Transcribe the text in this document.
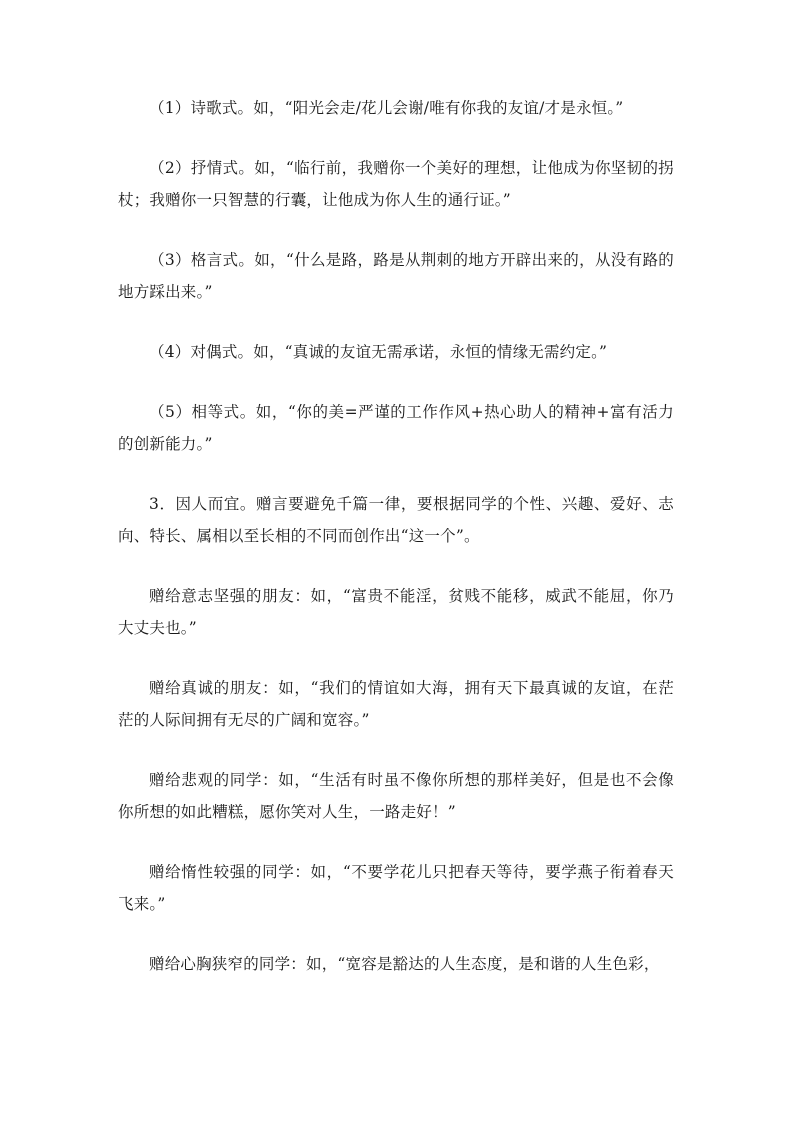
（1）诗歌式。如，“阳光会走/花儿会谢/唯有你我的友谊/才是永恒。”

（2）抒情式。如，“临行前，我赠你一个美好的理想，让他成为你坚韧的拐杖；我赠你一只智慧的行囊，让他成为你人生的通行证。”

（3）格言式。如，“什么是路，路是从荆刺的地方开辟出来的，从没有路的地方踩出来。”

（4）对偶式。如，“真诚的友谊无需承诺，永恒的情缘无需约定。”

（5）相等式。如，“你的美=严谨的工作作风+热心助人的精神+富有活力的创新能力。”

3．因人而宜。赠言要避免千篇一律，要根据同学的个性、兴趣、爱好、志向、特长、属相以至长相的不同而创作出“这一个”。

赠给意志坚强的朋友：如，“富贵不能淫，贫贱不能移，威武不能屈，你乃大丈夫也。”

赠给真诚的朋友：如，“我们的情谊如大海，拥有天下最真诚的友谊，在茫茫的人际间拥有无尽的广阔和宽容。”

赠给悲观的同学：如，“生活有时虽不像你所想的那样美好，但是也不会像你所想的如此糟糕，愿你笑对人生，一路走好！”

赠给惰性较强的同学：如，“不要学花儿只把春天等待，要学燕子衔着春天飞来。”

赠给心胸狭窄的同学：如，“宽容是豁达的人生态度，是和谐的人生色彩，
